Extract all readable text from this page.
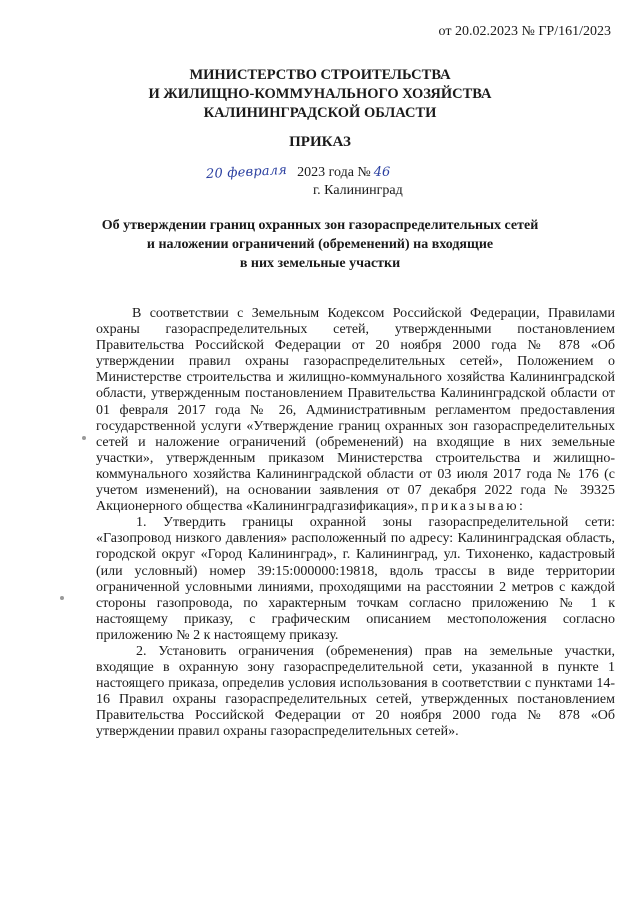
от 20.02.2023 № ГР/161/2023
МИНИСТЕРСТВО СТРОИТЕЛЬСТВА
И ЖИЛИЩНО-КОММУНАЛЬНОГО ХОЗЯЙСТВА
КАЛИНИНГРАДСКОЙ ОБЛАСТИ
ПРИКАЗ
20 февраля 2023 года № 46
г. Калининград
Об утверждении границ охранных зон газораспределительных сетей
и наложении ограничений (обременений) на входящие
в них земельные участки

В соответствии с Земельным Кодексом Российской Федерации, Правилами охраны газораспределительных сетей, утвержденными постановлением Правительства Российской Федерации от 20 ноября 2000 года № 878 «Об утверждении правил охраны газораспределительных сетей», Положением о Министерстве строительства и жилищно-коммунального хозяйства Калининградской области, утвержденным постановлением Правительства Калининградской области от 01 февраля 2017 года № 26, Административным регламентом предоставления государственной услуги «Утверждение границ охранных зон газораспределительных сетей и наложение ограничений (обременений) на входящие в них земельные участки», утвержденным приказом Министерства строительства и жилищно-коммунального хозяйства Калининградской области от 03 июля 2017 года № 176 (с учетом изменений), на основании заявления от 07 декабря 2022 года № 39325 Акционерного общества «Калининградгазификация», приказываю:

1. Утвердить границы охранной зоны газораспределительной сети: «Газопровод низкого давления» расположенный по адресу: Калининградская область, городской округ «Город Калининград», г. Калининград, ул. Тихоненко, кадастровый (или условный) номер 39:15:000000:19818, вдоль трассы в виде территории ограниченной условными линиями, проходящими на расстоянии 2 метров с каждой стороны газопровода, по характерным точкам согласно приложению № 1 к настоящему приказу, с графическим описанием местоположения согласно приложению № 2 к настоящему приказу.

2. Установить ограничения (обременения) прав на земельные участки, входящие в охранную зону газораспределительной сети, указанной в пункте 1 настоящего приказа, определив условия использования в соответствии с пунктами 14-16 Правил охраны газораспределительных сетей, утвержденных постановлением Правительства Российской Федерации от 20 ноября 2000 года № 878 «Об утверждении правил охраны газораспределительных сетей».
